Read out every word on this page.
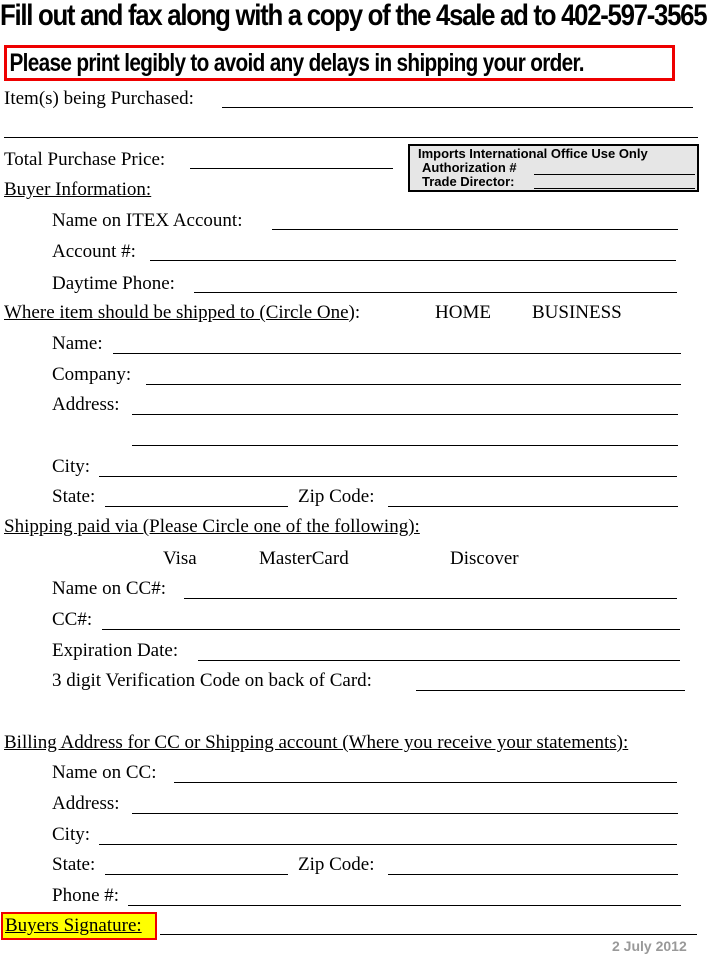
Fill out and fax along with a copy of the 4sale ad to 402-597-3565
Please print legibly to avoid any delays in shipping your order.
Item(s) being Purchased:
Total Purchase Price:	Imports International Office Use Only
Authorization #
Trade Director:
Buyer Information:
Name on ITEX Account:
Account #:
Daytime Phone:
Where item should be shipped to (Circle One):	HOME BUSINESS
Name:
Company:
Address:
City:
State:	Zip Code:
Shipping paid via (Please Circle one of the following):
Visa	MasterCard	Discover
Name on CC#:
CC#:
Expiration Date:
3 digit Verification Code on back of Card:
Billing Address for CC or Shipping account (Where you receive your statements):
Name on CC:
Address:
City:
State:	Zip Code:
Phone #:
Buyers Signature:
2 July 2012
